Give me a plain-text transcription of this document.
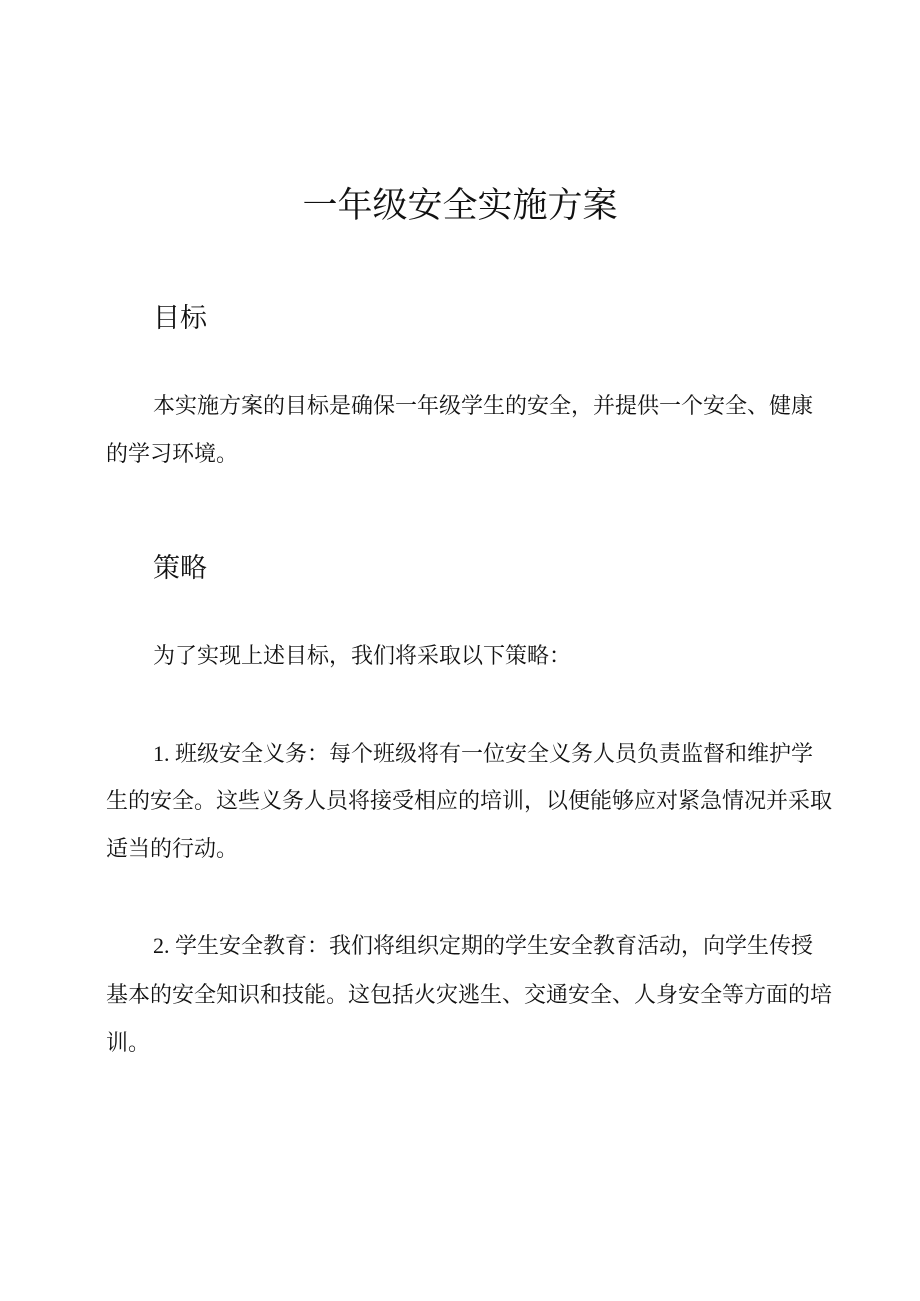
一年级安全实施方案
目标
本实施方案的目标是确保一年级学生的安全，并提供一个安全、健康
的学习环境。
策略
为了实现上述目标，我们将采取以下策略：
1. 班级安全义务：每个班级将有一位安全义务人员负责监督和维护学
生的安全。这些义务人员将接受相应的培训，以便能够应对紧急情况并采取
适当的行动。
2. 学生安全教育：我们将组织定期的学生安全教育活动，向学生传授
基本的安全知识和技能。这包括火灾逃生、交通安全、人身安全等方面的培
训。
